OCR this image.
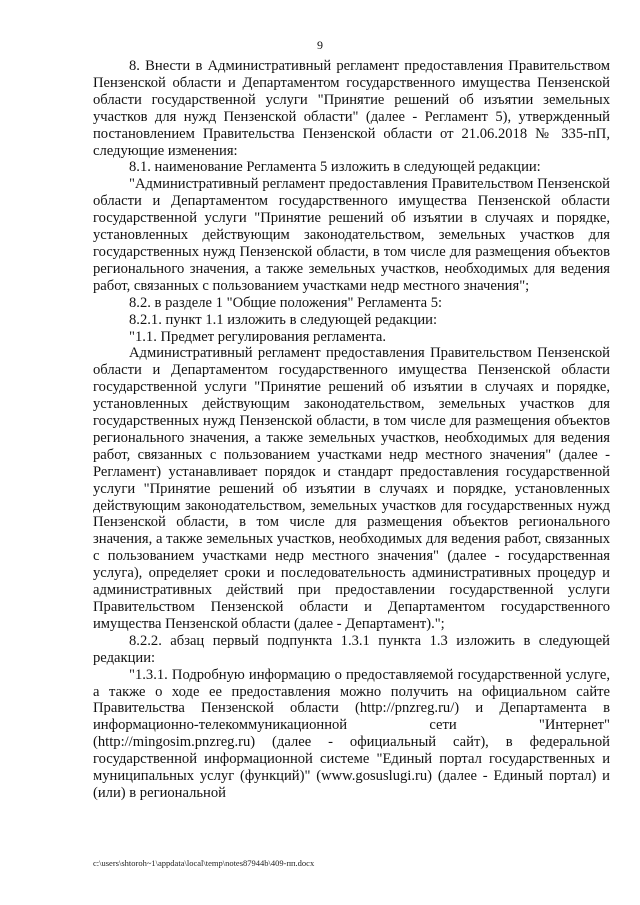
9

8. Внести в Административный регламент предоставления Правительством Пензенской области и Департаментом государственного имущества Пензенской области государственной услуги "Принятие решений об изъятии земельных участков для нужд Пензенской области" (далее - Регламент 5), утвержденный постановлением Правительства Пензенской области от 21.06.2018 № 335-пП, следующие изменения:

8.1. наименование Регламента 5 изложить в следующей редакции:

"Административный регламент предоставления Правительством Пензенской области и Департаментом государственного имущества Пензенской области государственной услуги "Принятие решений об изъятии в случаях и порядке, установленных действующим законодательством, земельных участков для государственных нужд Пензенской области, в том числе для размещения объектов регионального значения, а также земельных участков, необходимых для ведения работ, связанных с пользованием участками недр местного значения";

8.2. в разделе 1 "Общие положения" Регламента 5:

8.2.1. пункт 1.1 изложить в следующей редакции:

"1.1. Предмет регулирования регламента.

Административный регламент предоставления Правительством Пензенской области и Департаментом государственного имущества Пензенской области государственной услуги "Принятие решений об изъятии в случаях и порядке, установленных действующим законодательством, земельных участков для государственных нужд Пензенской области, в том числе для размещения объектов регионального значения, а также земельных участков, необходимых для ведения работ, связанных с пользованием участками недр местного значения" (далее - Регламент) устанавливает порядок и стандарт предоставления государственной услуги "Принятие решений об изъятии в случаях и порядке, установленных действующим законодательством, земельных участков для государственных нужд Пензенской области, в том числе для размещения объектов регионального значения, а также земельных участков, необходимых для ведения работ, связанных с пользованием участками недр местного значения" (далее - государственная услуга), определяет сроки и последовательность административных процедур и административных действий при предоставлении государственной услуги Правительством Пензенской области и Департаментом государственного имущества Пензенской области (далее - Департамент).";

8.2.2. абзац первый подпункта 1.3.1 пункта 1.3 изложить в следующей редакции:

"1.3.1. Подробную информацию о предоставляемой государственной услуге, а также о ходе ее предоставления можно получить на официальном сайте Правительства Пензенской области (http://pnzreg.ru/) и Департамента в информационно-телекоммуникационной сети "Интернет" (http://mingosim.pnzreg.ru) (далее - официальный сайт), в федеральной государственной информационной системе "Единый портал государственных и муниципальных услуг (функций)" (www.gosuslugi.ru) (далее - Единый портал) и (или) в региональной

c:\users\shtoroh~1\appdata\local\temp\notes87944b\409-пп.docx
